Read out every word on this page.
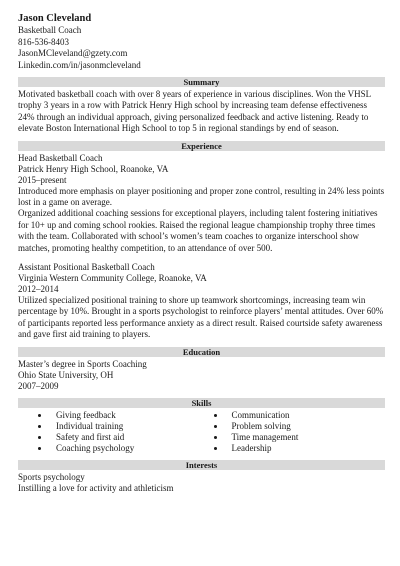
Jason Cleveland
Basketball Coach
816-536-8403
JasonMCleveland@gzety.com
Linkedin.com/in/jasonmcleveland
Summary
Motivated basketball coach with over 8 years of experience in various disciplines. Won the VHSL trophy 3 years in a row with Patrick Henry High school by increasing team defense effectiveness 24% through an individual approach, giving personalized feedback and active listening. Ready to elevate Boston International High School to top 5 in regional standings by end of season.
Experience
Head Basketball Coach
Patrick Henry High School, Roanoke, VA
2015–present
Introduced more emphasis on player positioning and proper zone control, resulting in 24% less points lost in a game on average.
Organized additional coaching sessions for exceptional players, including talent fostering initiatives for 10+ up and coming school rookies. Raised the regional league championship trophy three times with the team. Collaborated with school’s women’s team coaches to organize interschool show matches, promoting healthy competition, to an attendance of over 500.
Assistant Positional Basketball Coach
Virginia Western Community College, Roanoke, VA
2012–2014
Utilized specialized positional training to shore up teamwork shortcomings, increasing team win percentage by 10%. Brought in a sports psychologist to reinforce players’ mental attitudes. Over 60% of participants reported less performance anxiety as a direct result. Raised courtside safety awareness and gave first aid training to players.
Education
Master’s degree in Sports Coaching
Ohio State University, OH
2007–2009
Skills
Giving feedback
Individual training
Safety and first aid
Coaching psychology
Communication
Problem solving
Time management
Leadership
Interests
Sports psychology
Instilling a love for activity and athleticism
